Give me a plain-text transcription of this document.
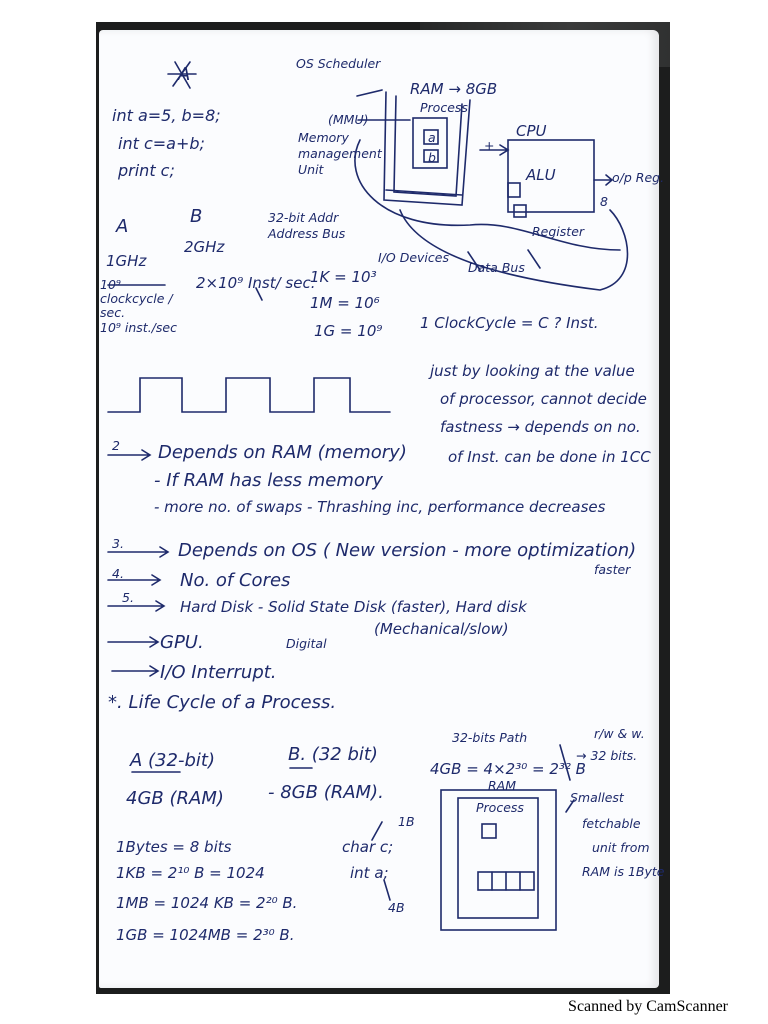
A
int a=5, b=8;
int c=a+b;
print c;
OS Scheduler
RAM → 8GB
Process
(MMU)
Memory management Unit
a
b
+
CPU
ALU	o/p Reg.
8
Register
32-bit Addr Address Bus
I/O Devices
Data Bus
A	B
1GHz
2GHz
10⁹ clockcycle / sec.
2×10⁹ Inst/ sec.
10⁹ inst./sec
1K = 10³
1M = 10⁶
1G = 10⁹	1 ClockCycle = C ? Inst.
just by looking at the value
of processor, cannot decide
fastness → depends on no.
of Inst. can be done in 1CC
2 Depends on RAM (memory)
- If RAM has less memory
- more no. of swaps - Thrashing inc, performance decreases
3.	Depends on OS ( New version - more optimization)
faster
4.	No. of Cores
5.
Hard Disk - Solid State Disk (faster), Hard disk
(Mechanical/slow)
Digital
GPU.
I/O Interrupt.
*. Life Cycle of a Process.
A (32-bit)
4GB (RAM)
B. (32 bit)
- 8GB (RAM).
32-bits Path	r/w & w.
4GB = 4×2³⁰ = 2³² B
→ 32 bits.
RAM
Process
Smallest
fetchable
unit from
RAM is 1Byte
1Bytes = 8 bits
1KB = 2¹⁰ B = 1024
1MB = 1024 KB = 2²⁰ B.
1GB = 1024MB = 2³⁰ B.
char c;
int a;
1B
4B
Scanned by CamScanner
